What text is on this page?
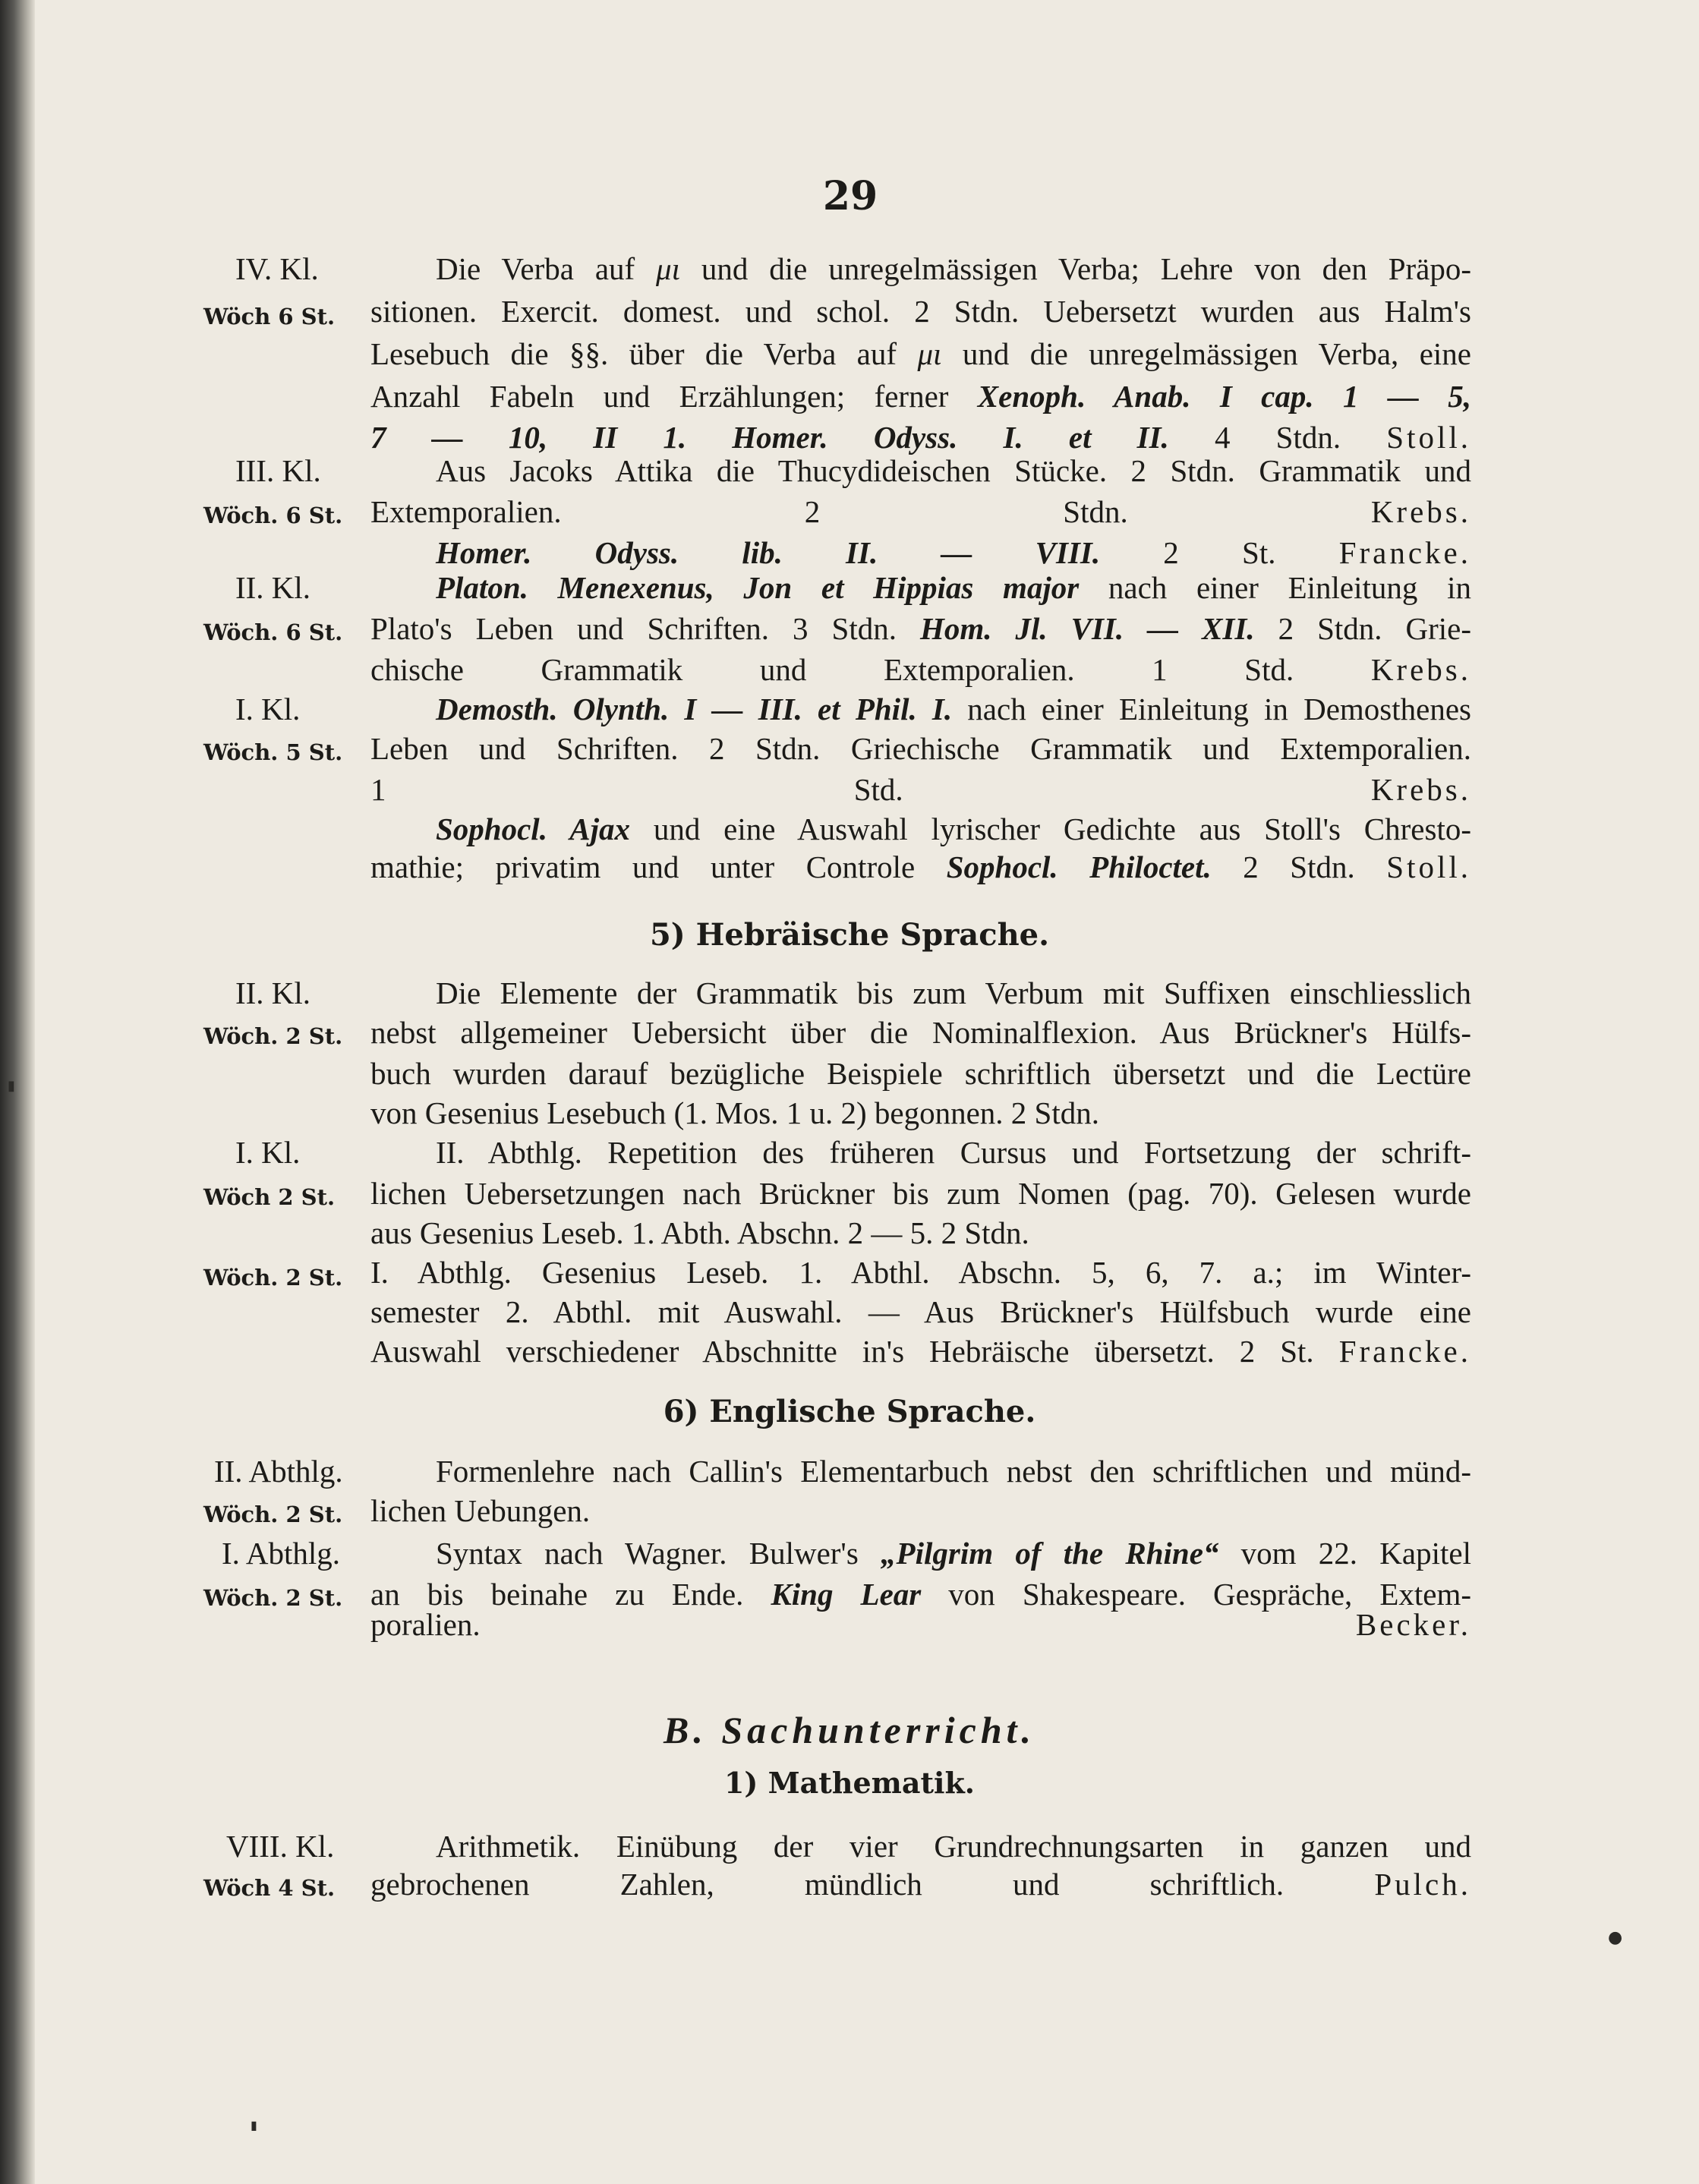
29
IV. Kl.	Die Verba auf μι und die unregelmässigen Verba; Lehre von den Präpo-
Wöch 6 St. sitionen. Exercit. domest. und schol. 2 Stdn. Uebersetzt wurden aus Halm's
Lesebuch die §§. über die Verba auf μι und die unregelmässigen Verba, eine
Anzahl Fabeln und Erzählungen; ferner Xenoph. Anab. I cap. 1 — 5,
7 — 10, II 1. Homer. Odyss. I. et II. 4 Stdn. Stoll.
III. Kl.	Aus Jacoks Attika die Thucydideischen Stücke. 2 Stdn. Grammatik und
Wöch. 6 St. Extemporalien. 2 Stdn.	Krebs.
Homer. Odyss. lib. II. — VIII. 2 St. Francke.
II. Kl.	Platon. Menexenus, Jon et Hippias major nach einer Einleitung in
Wöch. 6 St. Plato's Leben und Schriften. 3 Stdn. Hom. Jl. VII. — XII. 2 Stdn. Grie-
chische Grammatik und Extemporalien. 1 Std. Krebs.
I. Kl.	Demosth. Olynth. I — III. et Phil. I. nach einer Einleitung in Demosthenes
Wöch. 5 St. Leben und Schriften. 2 Stdn. Griechische Grammatik und Extemporalien.
1 Std.	Krebs.
Sophocl. Ajax und eine Auswahl lyrischer Gedichte aus Stoll's Chresto-
mathie; privatim und unter Controle Sophocl. Philoctet. 2 Stdn. Stoll.
5) Hebräische Sprache.
II. Kl.	Die Elemente der Grammatik bis zum Verbum mit Suffixen einschliesslich
Wöch. 2 St. nebst allgemeiner Uebersicht über die Nominalflexion. Aus Brückner's Hülfs-
buch wurden darauf bezügliche Beispiele schriftlich übersetzt und die Lectüre
von Gesenius Lesebuch (1. Mos. 1 u. 2) begonnen. 2 Stdn.
I. Kl.	II. Abthlg. Repetition des früheren Cursus und Fortsetzung der schrift-
Wöch 2 St. lichen Uebersetzungen nach Brückner bis zum Nomen (pag. 70). Gelesen wurde
aus Gesenius Leseb. 1. Abth. Abschn. 2 — 5. 2 Stdn.
Wöch. 2 St. I. Abthlg. Gesenius Leseb. 1. Abthl. Abschn. 5, 6, 7. a.; im Winter-
semester 2. Abthl. mit Auswahl. — Aus Brückner's Hülfsbuch wurde eine
Auswahl verschiedener Abschnitte in's Hebräische übersetzt. 2 St. Francke.
6) Englische Sprache.
II. Abthlg.	Formenlehre nach Callin's Elementarbuch nebst den schriftlichen und münd-
Wöch. 2 St. lichen Uebungen.
I. Abthlg.	Syntax nach Wagner. Bulwer's „Pilgrim of the Rhine“ vom 22. Kapitel
Wöch. 2 St. an bis beinahe zu Ende. King Lear von Shakespeare. Gespräche, Extem-
poralien.	Becker.
B. Sachunterricht.
1) Mathematik.
VIII. Kl.	Arithmetik. Einübung der vier Grundrechnungsarten in ganzen und
Wöch 4 St. gebrochenen Zahlen, mündlich und schriftlich.	Pulch.
●
▮
▮
